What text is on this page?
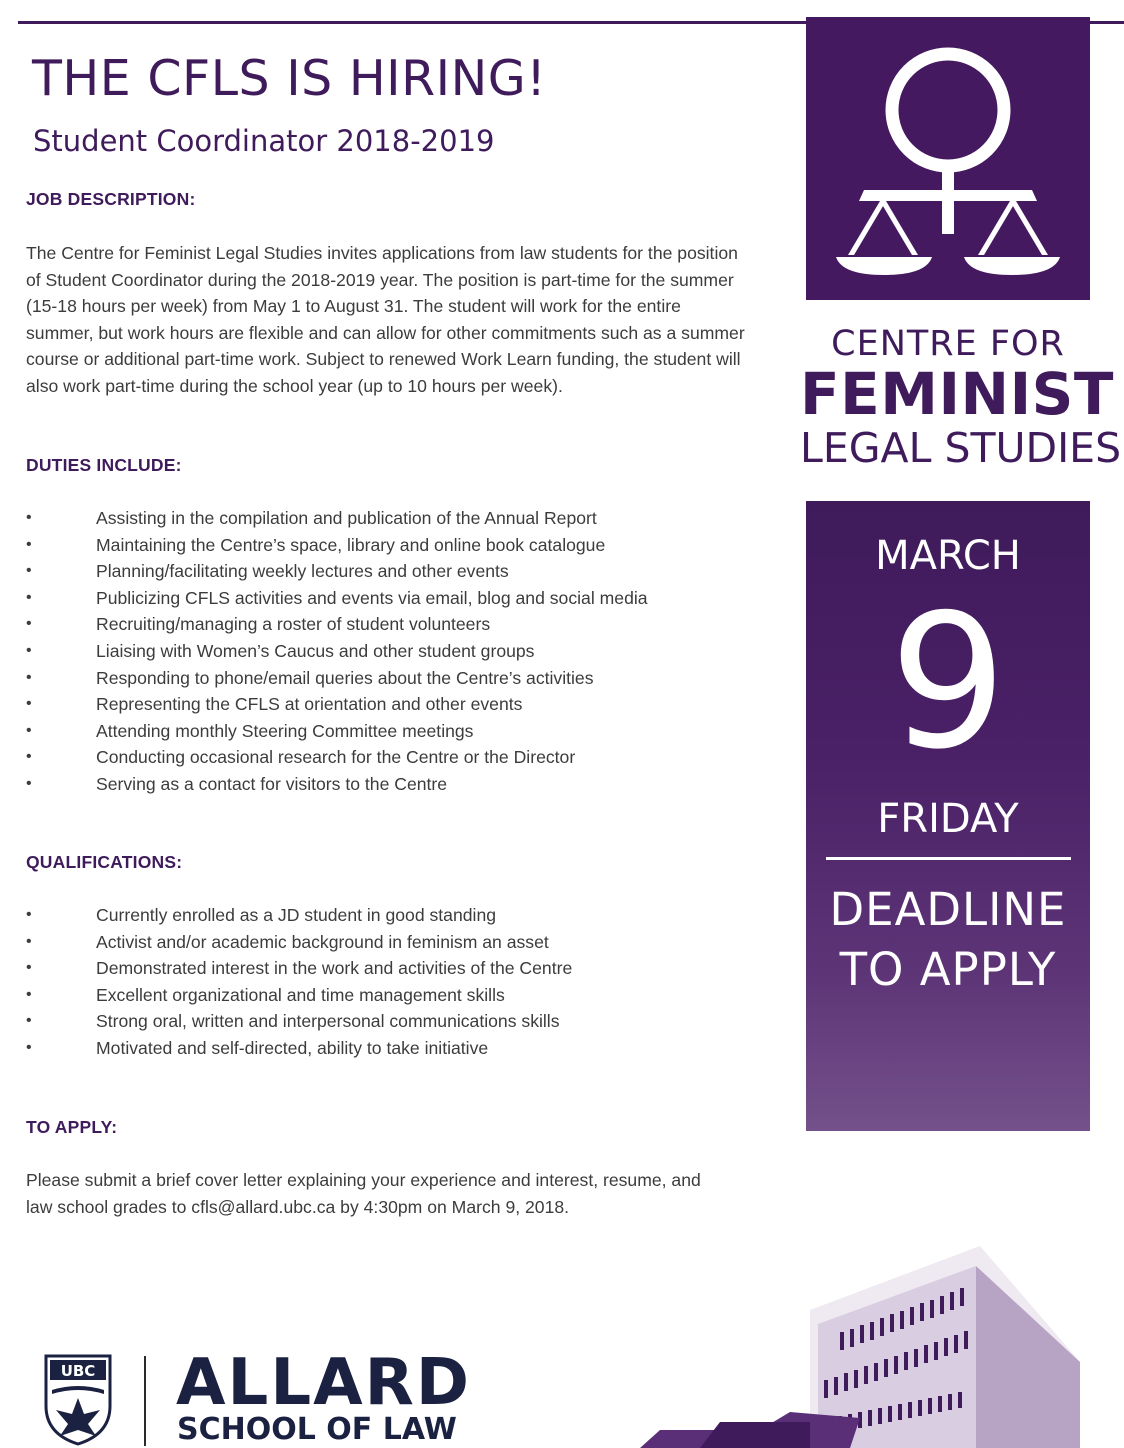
THE CFLS IS HIRING!
Student Coordinator 2018-2019
JOB DESCRIPTION:
The Centre for Feminist Legal Studies invites applications from law students for the position of Student Coordinator during the 2018-2019 year. The position is part-time for the summer (15-18 hours per week) from May 1 to August 31. The student will work for the entire summer, but work hours are flexible and can allow for other commitments such as a summer course or additional part-time work. Subject to renewed Work Learn funding, the student will also work part-time during the school year (up to 10 hours per week).
DUTIES INCLUDE:
• Assisting in the compilation and publication of the Annual Report
• Maintaining the Centre’s space, library and online book catalogue
• Planning/facilitating weekly lectures and other events
• Publicizing CFLS activities and events via email, blog and social media
• Recruiting/managing a roster of student volunteers
• Liaising with Women’s Caucus and other student groups
• Responding to phone/email queries about the Centre’s activities
• Representing the CFLS at orientation and other events
• Attending monthly Steering Committee meetings
• Conducting occasional research for the Centre or the Director
• Serving as a contact for visitors to the Centre
QUALIFICATIONS:
• Currently enrolled as a JD student in good standing
• Activist and/or academic background in feminism an asset
• Demonstrated interest in the work and activities of the Centre
• Excellent organizational and time management skills
• Strong oral, written and interpersonal communications skills
• Motivated and self-directed, ability to take initiative
TO APPLY:
Please submit a brief cover letter explaining your experience and interest, resume, and law school grades to cfls@allard.ubc.ca by 4:30pm on March 9, 2018.
CENTRE FOR
FEMINIST
LEGAL STUDIES
MARCH
9
FRIDAY
DEADLINE
TO APPLY
UBC ALLARD
SCHOOL OF LAW
